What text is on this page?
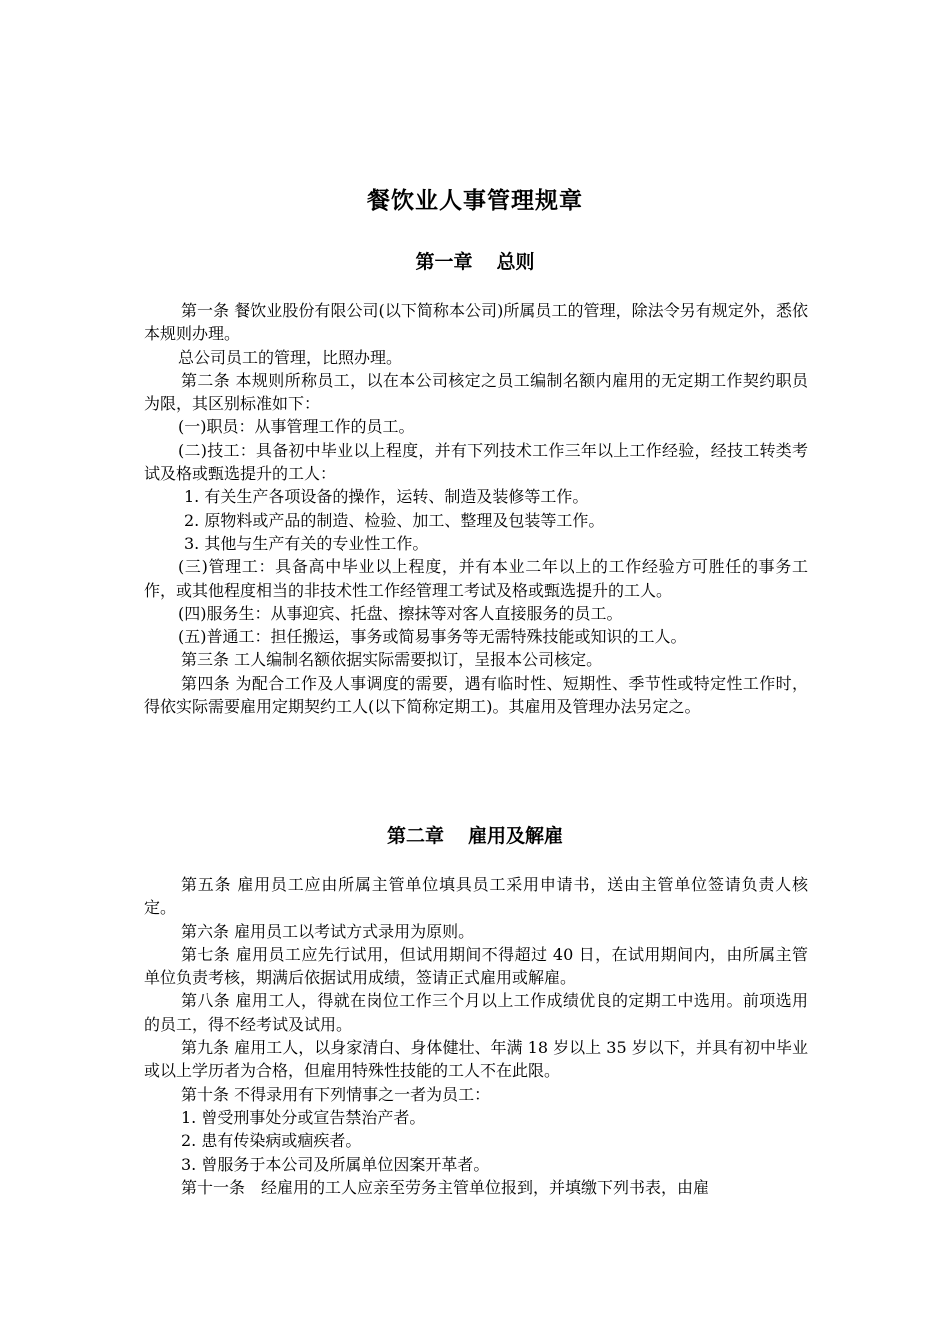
餐饮业人事管理规章
第一章 总则

第一条 餐饮业股份有限公司(以下简称本公司)所属员工的管理，除法令另有规定外，悉依本规则办理。

总公司员工的管理，比照办理。

第二条 本规则所称员工，以在本公司核定之员工编制名额内雇用的无定期工作契约职员为限，其区别标准如下：

(一)职员：从事管理工作的员工。

(二)技工：具备初中毕业以上程度，并有下列技术工作三年以上工作经验，经技工转类考试及格或甄选提升的工人：

1. 有关生产各项设备的操作，运转、制造及装修等工作。

2. 原物料或产品的制造、检验、加工、整理及包装等工作。

3. 其他与生产有关的专业性工作。

(三)管理工：具备高中毕业以上程度，并有本业二年以上的工作经验方可胜任的事务工作，或其他程度相当的非技术性工作经管理工考试及格或甄选提升的工人。

(四)服务生：从事迎宾、托盘、擦抹等对客人直接服务的员工。

(五)普通工：担任搬运，事务或简易事务等无需特殊技能或知识的工人。

第三条 工人编制名额依据实际需要拟订，呈报本公司核定。

第四条 为配合工作及人事调度的需要，遇有临时性、短期性、季节性或特定性工作时，得依实际需要雇用定期契约工人(以下简称定期工)。其雇用及管理办法另定之。

第二章 雇用及解雇

第五条 雇用员工应由所属主管单位填具员工采用申请书，送由主管单位签请负责人核定。

第六条 雇用员工以考试方式录用为原则。

第七条 雇用员工应先行试用，但试用期间不得超过 40 日，在试用期间内，由所属主管单位负责考核，期满后依据试用成绩，签请正式雇用或解雇。

第八条 雇用工人，得就在岗位工作三个月以上工作成绩优良的定期工中选用。前项选用的员工，得不经考试及试用。

第九条 雇用工人，以身家清白、身体健壮、年满 18 岁以上 35 岁以下，并具有初中毕业或以上学历者为合格，但雇用特殊性技能的工人不在此限。

第十条 不得录用有下列情事之一者为员工：

1. 曾受刑事处分或宣告禁治产者。

2. 患有传染病或痼疾者。

3. 曾服务于本公司及所属单位因案开革者。

第十一条　经雇用的工人应亲至劳务主管单位报到，并填缴下列书表，由雇
